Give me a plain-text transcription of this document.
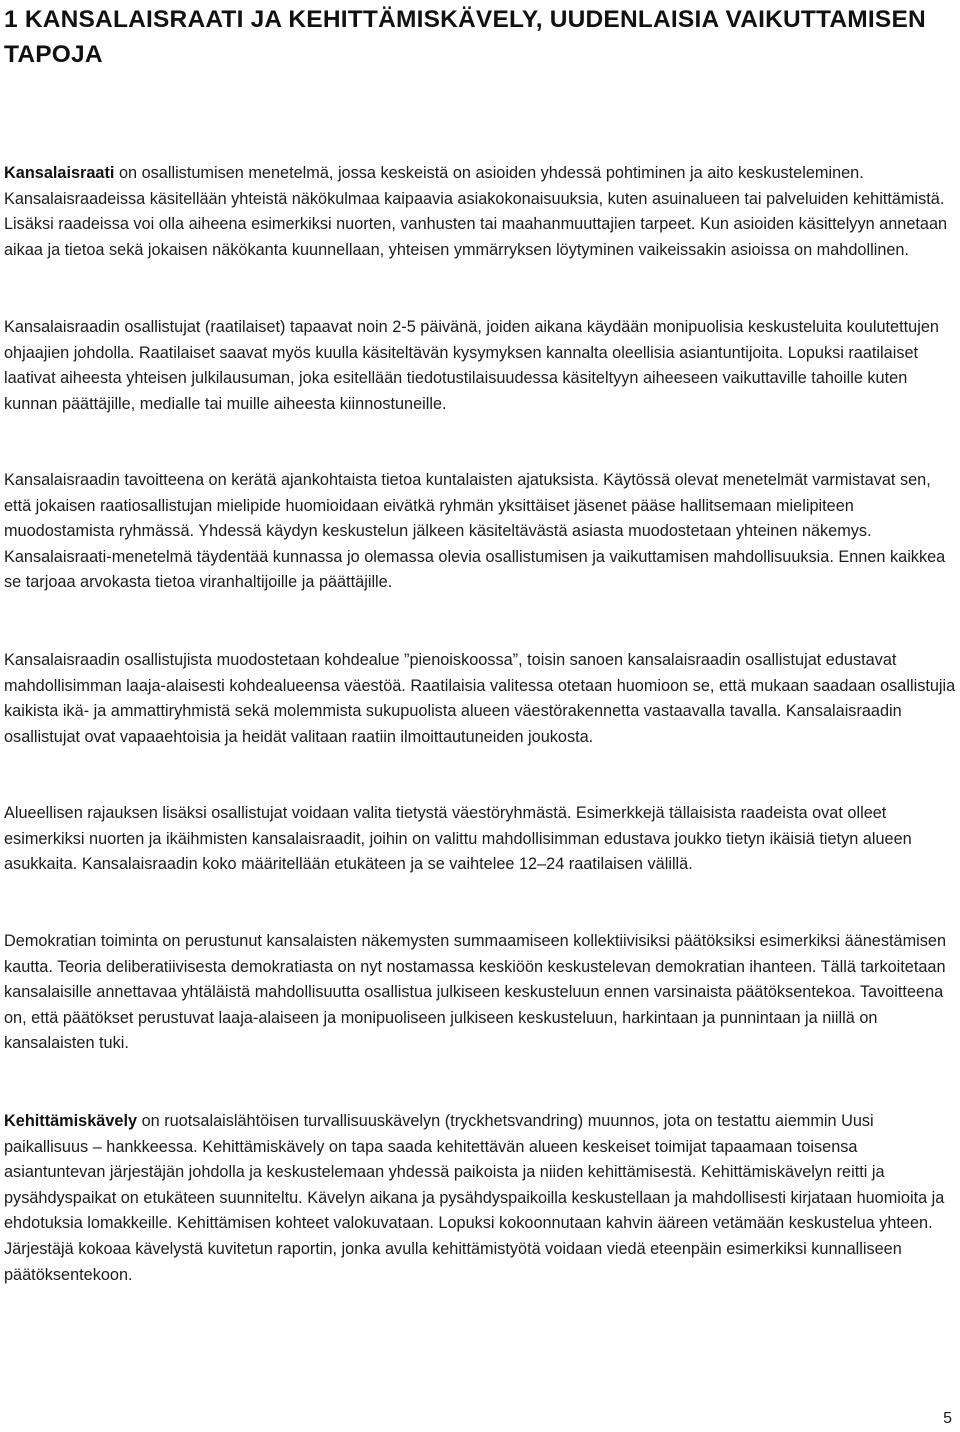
1 KANSALAISRAATI JA KEHITTÄMISKÄVELY, UUDENLAISIA VAIKUTTAMISEN TAPOJA

Kansalaisraati on osallistumisen menetelmä, jossa keskeistä on asioiden yhdessä pohtiminen ja aito keskusteleminen. Kansalaisraadeissa käsitellään yhteistä näkökulmaa kaipaavia asiakokonaisuuksia, kuten asuinalueen tai palveluiden kehittämistä. Lisäksi raadeissa voi olla aiheena esimerkiksi nuorten, vanhusten tai maahanmuuttajien tarpeet. Kun asioiden käsittelyyn annetaan aikaa ja tietoa sekä jokaisen näkökanta kuunnellaan, yhteisen ymmärryksen löytyminen vaikeissakin asioissa on mahdollinen.

Kansalaisraadin osallistujat (raatilaiset) tapaavat noin 2-5 päivänä, joiden aikana käydään monipuolisia keskusteluita koulutettujen ohjaajien johdolla. Raatilaiset saavat myös kuulla käsiteltävän kysymyksen kannalta oleellisia asiantuntijoita. Lopuksi raatilaiset laativat aiheesta yhteisen julkilausuman, joka esitellään tiedotustilaisuudessa käsiteltyyn aiheeseen vaikuttaville tahoille kuten kunnan päättäjille, medialle tai muille aiheesta kiinnostuneille.

Kansalaisraadin tavoitteena on kerätä ajankohtaista tietoa kuntalaisten ajatuksista. Käytössä olevat menetelmät varmistavat sen, että jokaisen raatiosallistujan mielipide huomioidaan eivätkä ryhmän yksittäiset jäsenet pääse hallitsemaan mielipiteen muodostamista ryhmässä. Yhdessä käydyn keskustelun jälkeen käsiteltävästä asiasta muodostetaan yhteinen näkemys. Kansalaisraati-menetelmä täydentää kunnassa jo olemassa olevia osallistumisen ja vaikuttamisen mahdollisuuksia. Ennen kaikkea se tarjoaa arvokasta tietoa viranhaltijoille ja päättäjille.

Kansalaisraadin osallistujista muodostetaan kohdealue ”pienoiskoossa”, toisin sanoen kansalaisraadin osallistujat edustavat mahdollisimman laaja-alaisesti kohdealueensa väestöä. Raatilaisia valitessa otetaan huomioon se, että mukaan saadaan osallistujia kaikista ikä- ja ammattiryhmistä sekä molemmista sukupuolista alueen väestörakennetta vastaavalla tavalla. Kansalaisraadin osallistujat ovat vapaaehtoisia ja heidät valitaan raatiin ilmoittautuneiden joukosta.

Alueellisen rajauksen lisäksi osallistujat voidaan valita tietystä väestöryhmästä. Esimerkkejä tällaisista raadeista ovat olleet esimerkiksi nuorten ja ikäihmisten kansalaisraadit, joihin on valittu mahdollisimman edustava joukko tietyn ikäisiä tietyn alueen asukkaita. Kansalaisraadin koko määritellään etukäteen ja se vaihtelee 12–24 raatilaisen välillä.

Demokratian toiminta on perustunut kansalaisten näkemysten summaamiseen kollektiivisiksi päätöksiksi esimerkiksi äänestämisen kautta. Teoria deliberatiivisesta demokratiasta on nyt nostamassa keskiöön keskustelevan demokratian ihanteen. Tällä tarkoitetaan kansalaisille annettavaa yhtäläistä mahdollisuutta osallistua julkiseen keskusteluun ennen varsinaista päätöksentekoa. Tavoitteena on, että päätökset perustuvat laaja-alaiseen ja monipuoliseen julkiseen keskusteluun, harkintaan ja punnintaan ja niillä on kansalaisten tuki.

Kehittämiskävely on ruotsalaislähtöisen turvallisuuskävelyn (tryckhetsvandring) muunnos, jota on testattu aiemmin Uusi paikallisuus – hankkeessa. Kehittämiskävely on tapa saada kehitettävän alueen keskeiset toimijat tapaamaan toisensa asiantuntevan järjestäjän johdolla ja keskustelemaan yhdessä paikoista ja niiden kehittämisestä. Kehittämiskävelyn reitti ja pysähdyspaikat on etukäteen suunniteltu. Kävelyn aikana ja pysähdyspaikoilla keskustellaan ja mahdollisesti kirjataan huomioita ja ehdotuksia lomakkeille. Kehittämisen kohteet valokuvataan. Lopuksi kokoonnutaan kahvin ääreen vetämään keskustelua yhteen. Järjestäjä kokoaa kävelystä kuvitetun raportin, jonka avulla kehittämistyötä voidaan viedä eteenpäin esimerkiksi kunnalliseen päätöksentekoon.

5
